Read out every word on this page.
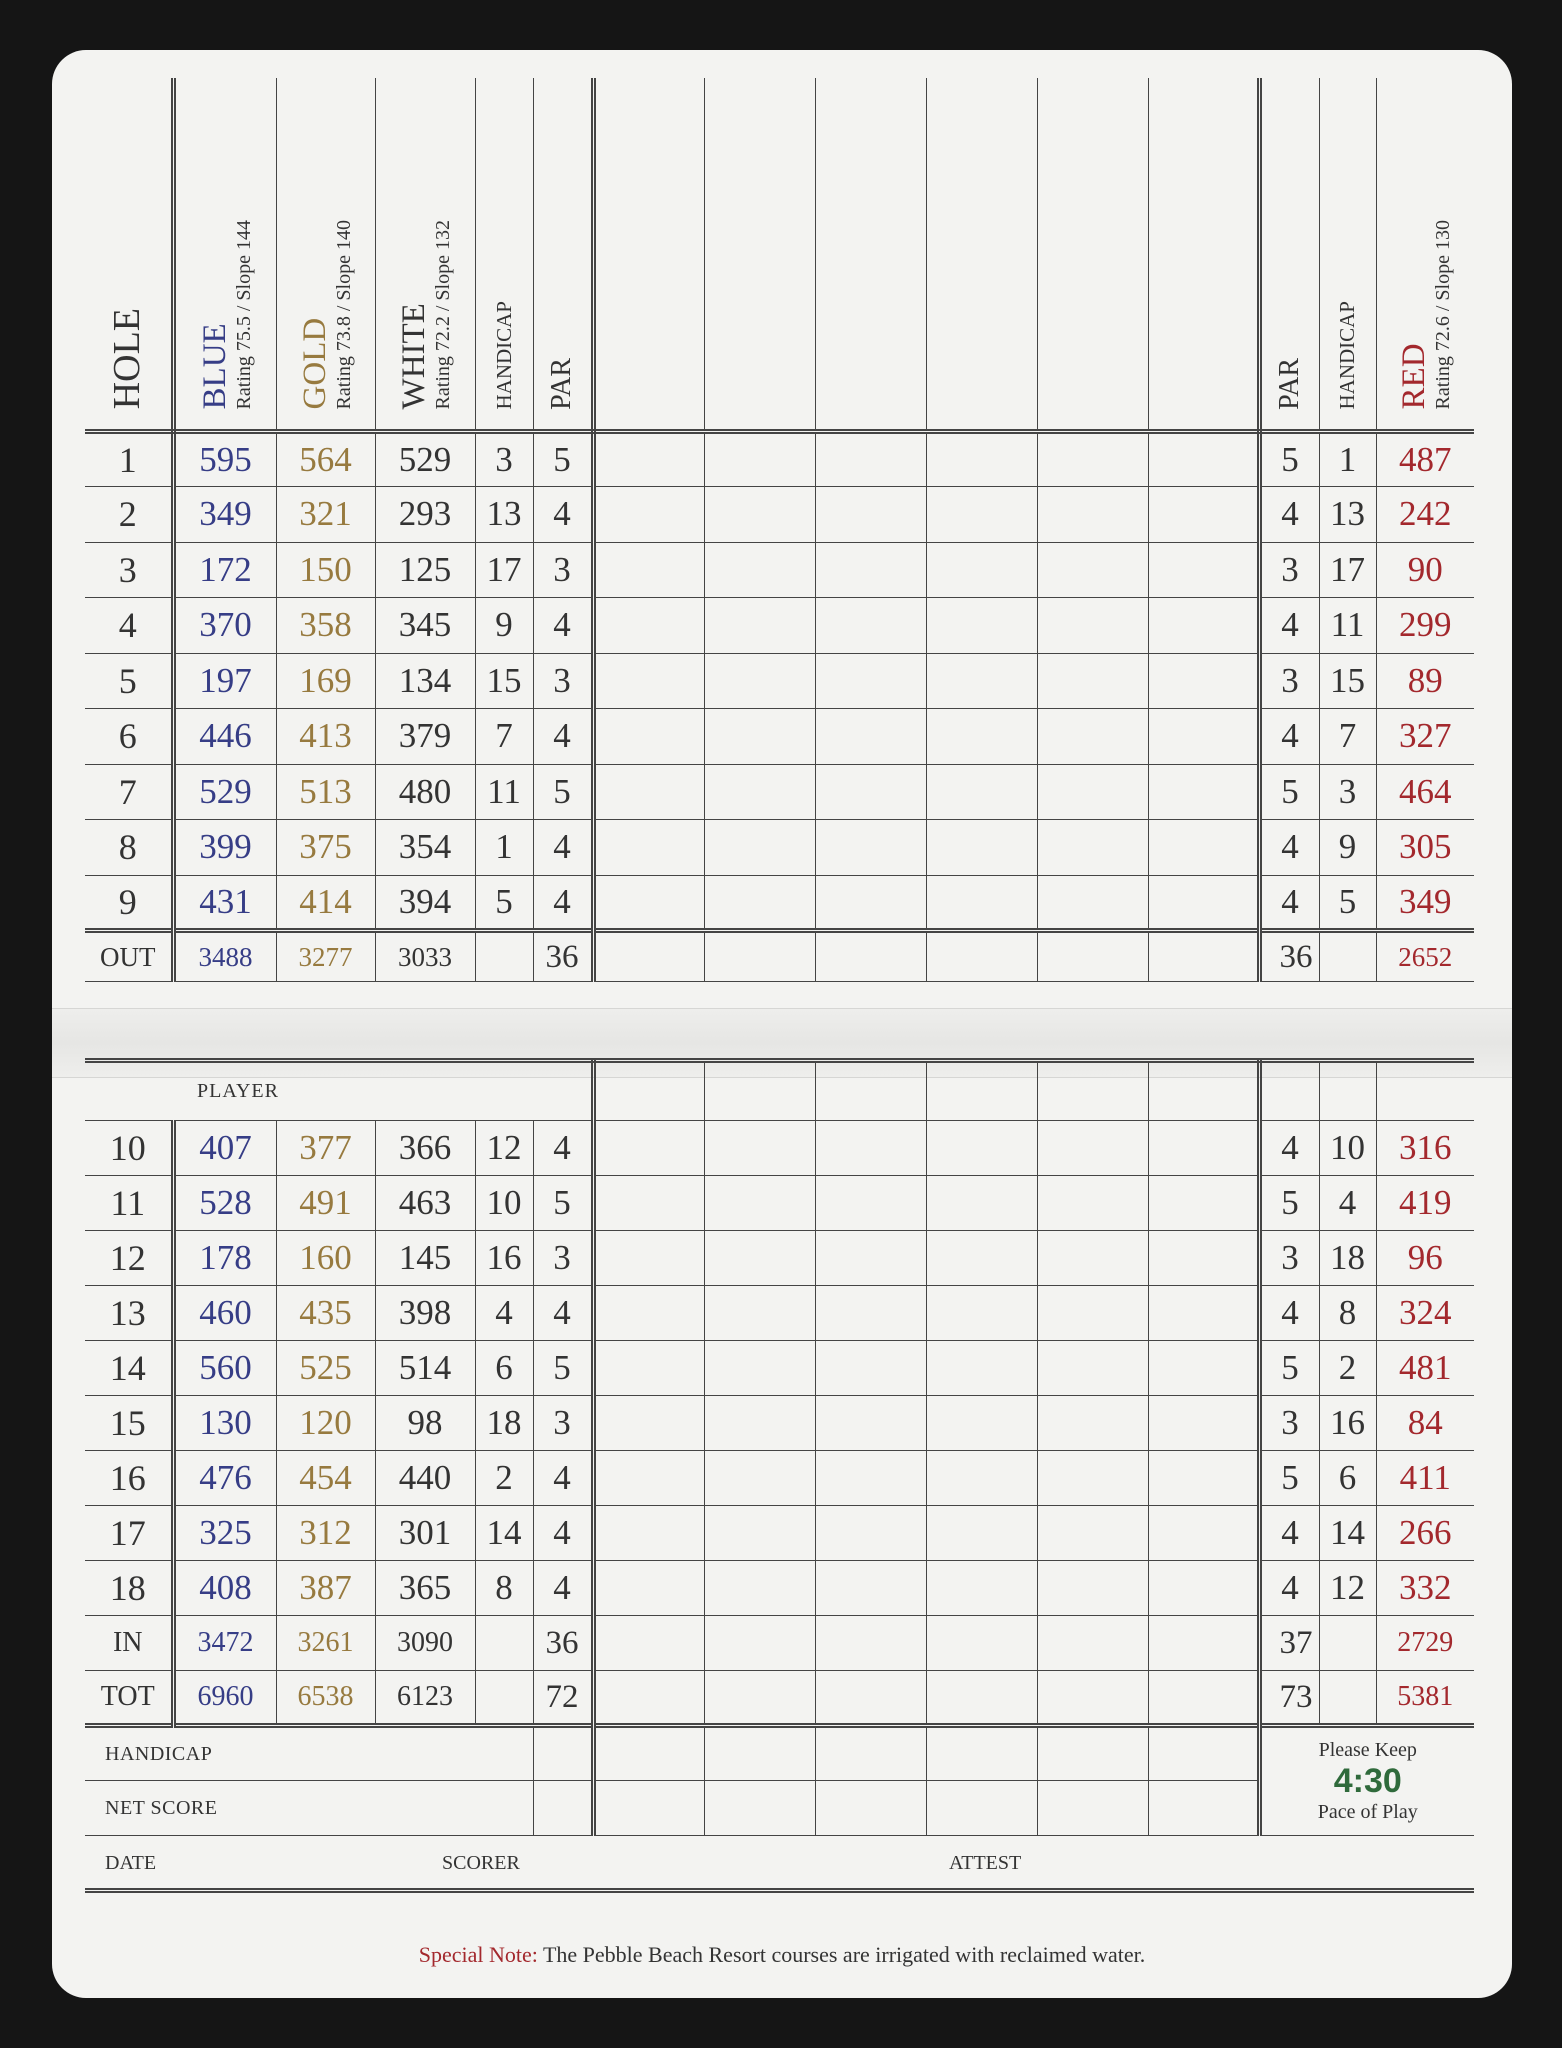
HOLE	BLUE Rating 75.5 / Slope 144	GOLD Rating 73.8 / Slope 140	WHITE Rating 72.2 / Slope 132	HANDICAP	PAR							PAR	HANDICAP	RED Rating 72.6 / Slope 130

1	595	564	529	3	5							5	1	487
2	349	321	293	13	4							4	13	242
3	172	150	125	17	3							3	17	90
4	370	358	345	9	4							4	11	299
5	197	169	134	15	3							3	15	89
6	446	413	379	7	4							4	7	327
7	529	513	480	11	5							5	3	464
8	399	375	354	1	4							4	9	305
9	431	414	394	5	4							4	5	349
OUT	3488	3277	3033		36							36		2652
PLAYER														
10	407	377	366	12	4							4	10	316
11	528	491	463	10	5							5	4	419
12	178	160	145	16	3							3	18	96
13	460	435	398	4	4							4	8	324
14	560	525	514	6	5							5	2	481
15	130	120	98	18	3							3	16	84
16	476	454	440	2	4							5	6	411
17	325	312	301	14	4							4	14	266
18	408	387	365	8	4							4	12	332
IN	3472	3261	3090		36							37		2729
TOT	6960	6538	6123		72							73		5381
HANDICAP												Please Keep
4:30
Pace of Play		
NET SCORE														

DATE SCORER ATTEST														
Special Note: The Pebble Beach Resort courses are irrigated with reclaimed water.
